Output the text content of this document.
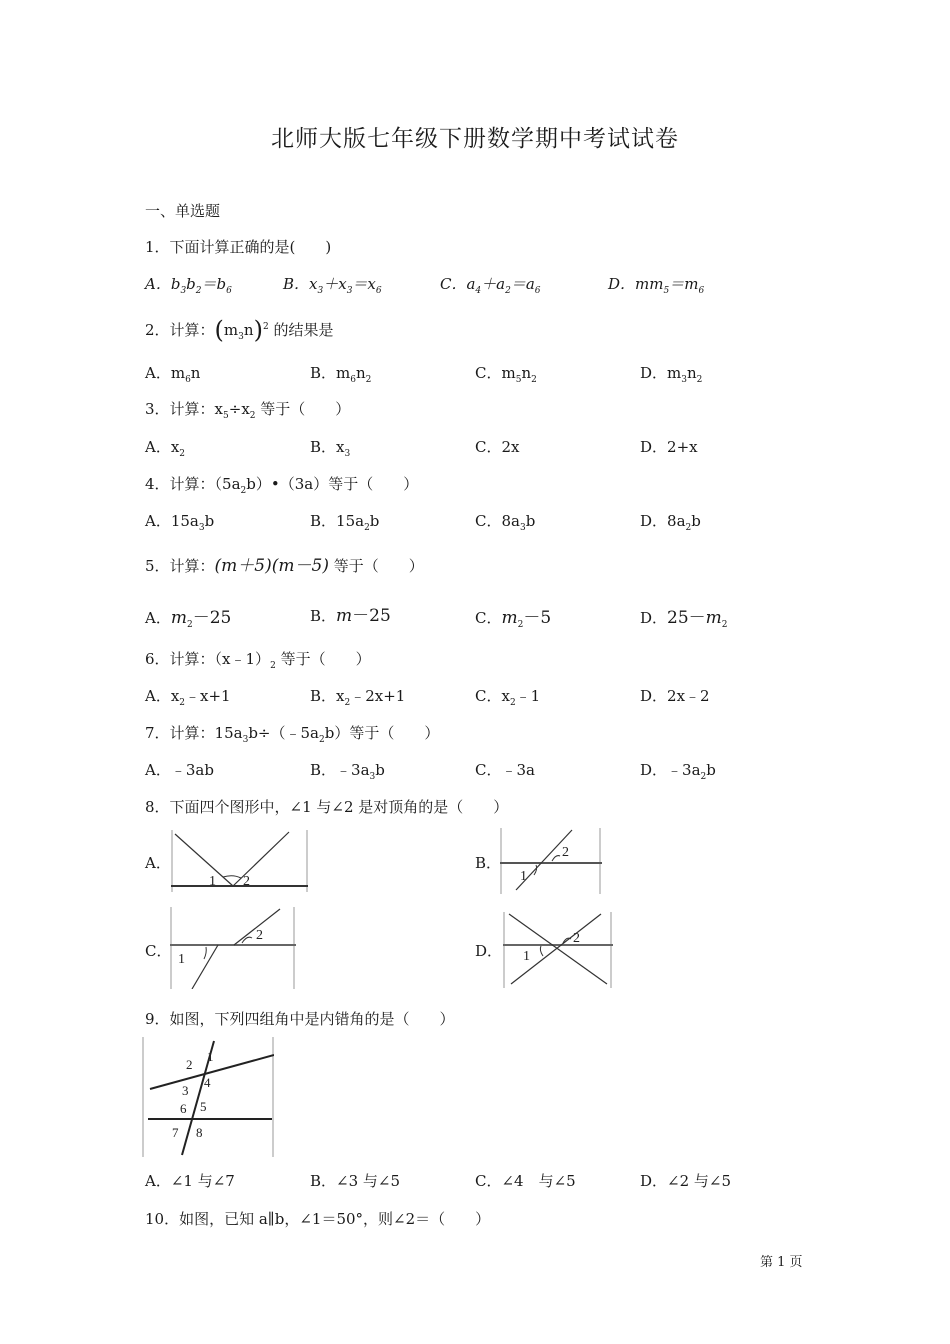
北师大版七年级下册数学期中考试试卷
一、单选题
1．下面计算正确的是(　　)
A．$b_3b_2=b_6$	B．$x_3+x_3=x_6$	C．$a_4+a_2=a_6$	D．$mm_5=m_6$
2．计算：$(m_3n)^2$ 的结果是
A．$m_6n$	B．$m_6n_2$	C．$m_5n_2$	D．$m_3n_2$
3．计算：$x_5\div x_2$ 等于（　　）
A．$x_2$	B．$x_3$	C．2x	D．2+x
4．计算：$(5a_2b)•(3a)$等于（　　）
A．$15a_3b$	B．$15a_2b$	C．$8a_3b$	D．$8a_2b$
5．计算：(m＋5)(m－5) 等于（　　）
A．$m_2-25$	B．m－25	C．$m_2-5$	D．$25-m_2$
6．计算：$(x﹣1)_2$ 等于（　　）
A．$x_2﹣x+1$	B．$x_2﹣2x+1$	C．$x_2﹣1$	D．2x﹣2
7．计算：$15a_3b\div(﹣5a_2b)$等于（　　）
A．﹣3ab	B．$﹣3a_3b$	C．﹣3a	D．$﹣3a_2b$
8．下面四个图形中，∠1 与∠2 是对顶角的是（　　）
A．
1 2
B．
1
2
C． 1
2
D． 1
2
9．如图，下列四组角中是内错角的是（　　）
2
1
3
4
6 5
7 8
A．∠1 与∠7	B．∠3 与∠5	C．∠4　与∠5	D．∠2 与∠5
10．如图，已知 a∥b，∠1＝50°，则∠2＝（　　）
第 1 页
